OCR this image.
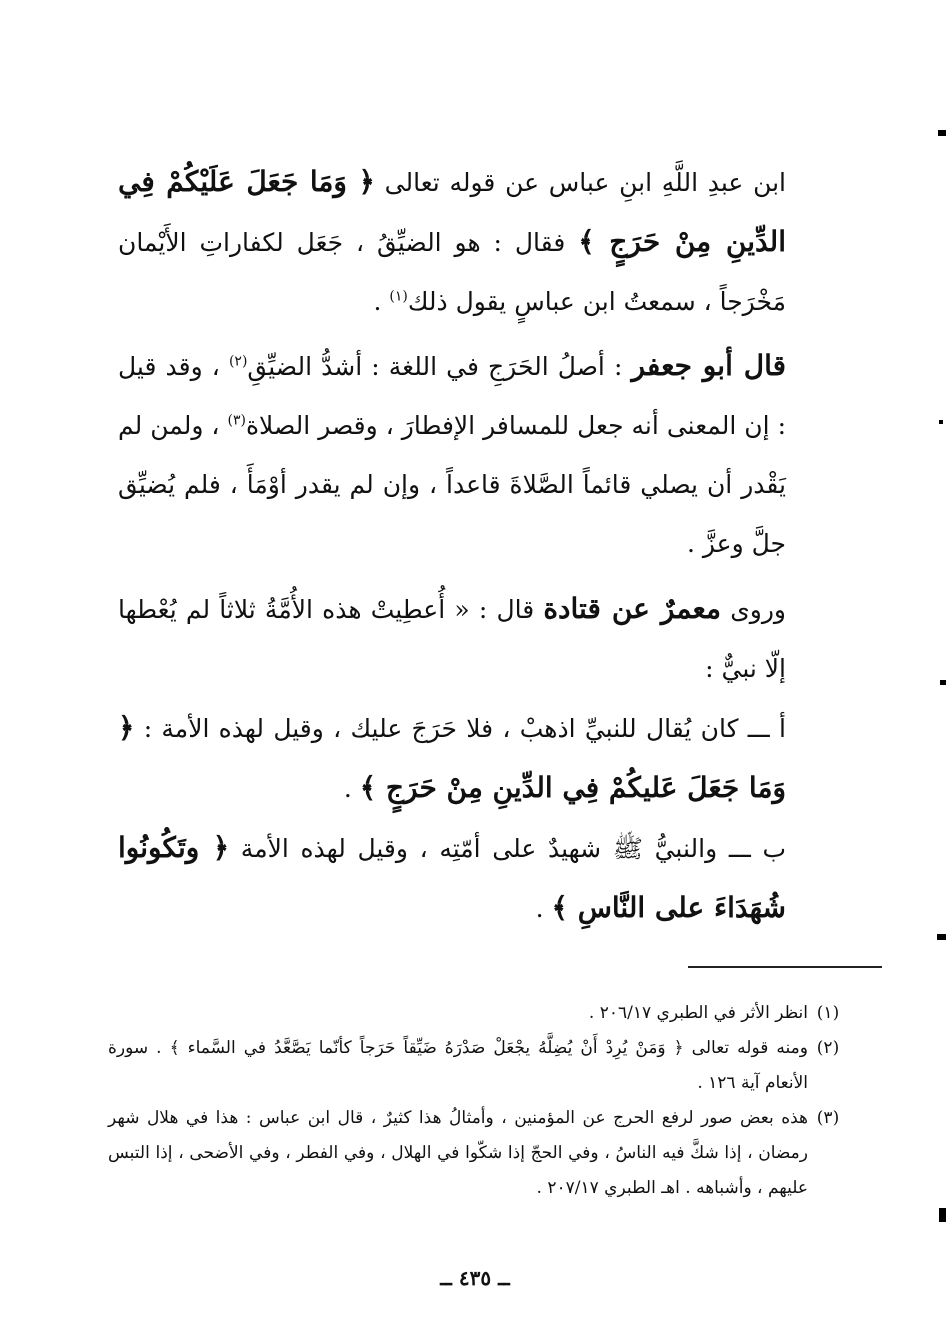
ابن عبدِ اللَّهِ ابنِ عباس عن قوله تعالى ﴿ وَمَا جَعَلَ عَلَيْكُمْ فِي الدِّينِ مِنْ حَرَجٍ ﴾ فقال : هو الضيِّقُ ، جَعَل لكفاراتِ الأَيْمان مَخْرَجاً ، سمعتُ ابن عباسٍ يقول ذلك$^{(١)}$ .

قال أبو جعفر : أصلُ الحَرَجِ في اللغة : أشدُّ الضيِّقِ$^{(٢)}$ ، وقد قيل : إن المعنى أنه جعل للمسافر الإفطارَ ، وقصر الصلاة$^{(٣)}$ ، ولمن لم يَقْدر أن يصلي قائماً الصَّلاةَ قاعداً ، وإن لم يقدر أوْمَأَ ، فلم يُضيِّق جلَّ وعزَّ .

وروى معمرٌ عن قتادة قال : « أُعطِيتْ هذه الأُمَّةُ ثلاثاً لم يُعْطها إلّا نبيٌّ :

أ ـــ كان يُقال للنبيِّ اذهبْ ، فلا حَرَجَ عليك ، وقيل لهذه الأمة : ﴿ وَمَا جَعَلَ عَليكُمْ فِي الدِّينِ مِنْ حَرَجٍ ﴾ .

ب ـــ والنبيُّ ﷺ شهيدٌ على أمّتِه ، وقيل لهذه الأمة ﴿ وتَكُونُوا شُهَدَاءَ على النَّاسِ ﴾ .

(١)
انظر الأثر في الطبري ٢٠٦/١٧ .
(٢)
ومنه قوله تعالى ﴿ وَمَنْ يُرِدْ أَنْ يُضِلَّهُ يجْعَلْ صَدْرَهُ ضَيِّقاً حَرَجاً كأنّما يَصَّعَّدُ في السَّماء ﴾ . سورة الأنعام آية ١٢٦ .
(٣)
هذه بعض صور لرفع الحرج عن المؤمنين ، وأمثالُ هذا كثيرٌ ، قال ابن عباس : هذا في هلال شهر رمضان ، إذا شكَّ فيه الناسُ ، وفي الحجّ إذا شكّوا في الهلال ، وفي الفطر ، وفي الأضحى ، إذا التبس عليهم ، وأشباهه . اهـ الطبري ٢٠٧/١٧ .
ــ ٤٣٥ ــ
